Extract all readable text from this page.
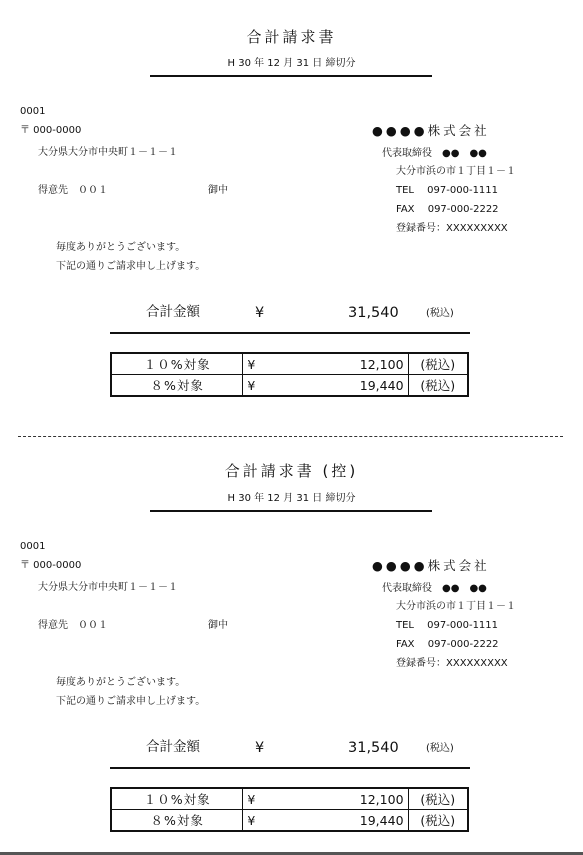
合計請求書
H 30 年 12 月 31 日 締切分
0001
〒 000-0000
大分県大分市中央町１－１－１
得意先　００１	御中
●●●●株式会社
代表取締役　●●　●●
大分市浜の市１丁目１－１
TEL　 097-000-1111
FAX　 097-000-2222
登録番号：XXXXXXXXX
毎度ありがとうございます。
下記の通りご請求申し上げます。
合計金額	¥	31,540	(税込)
１０%対象	¥ 12,100	(税込)
８%対象	¥ 19,440	(税込)
合計請求書 (控)
H 30 年 12 月 31 日 締切分
0001
〒 000-0000
大分県大分市中央町１－１－１
得意先　００１	御中
●●●●株式会社
代表取締役　●●　●●
大分市浜の市１丁目１－１
TEL　 097-000-1111
FAX　 097-000-2222
登録番号：XXXXXXXXX
毎度ありがとうございます。
下記の通りご請求申し上げます。
合計金額	¥	31,540	(税込)
１０%対象	¥ 12,100	(税込)
８%対象	¥ 19,440	(税込)
